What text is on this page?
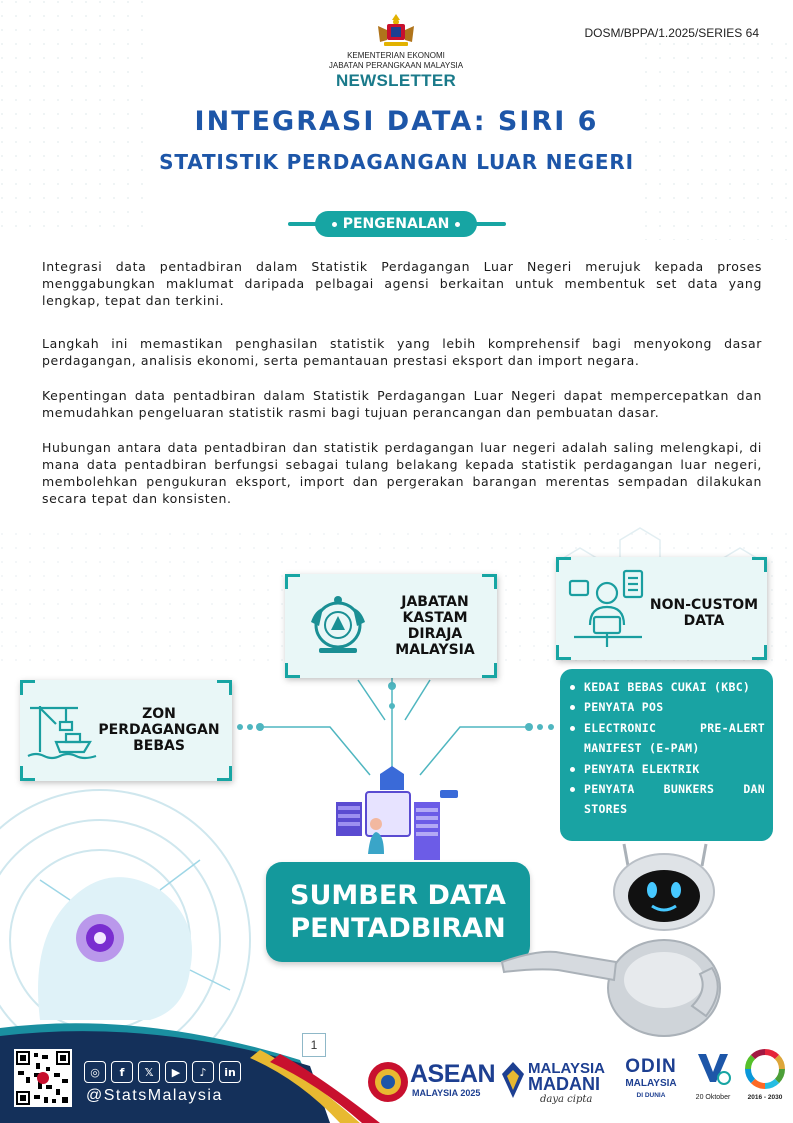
DOSM/BPPA/1.2025/SERIES 64
KEMENTERIAN EKONOMI
JABATAN PERANGKAAN MALAYSIA
NEWSLETTER
INTEGRASI DATA: SIRI 6
STATISTIK PERDAGANGAN LUAR NEGERI
PENGENALAN

Integrasi data pentadbiran dalam Statistik Perdagangan Luar Negeri merujuk kepada proses menggabungkan maklumat daripada pelbagai agensi berkaitan untuk membentuk set data yang lengkap, tepat dan terkini.

Langkah ini memastikan penghasilan statistik yang lebih komprehensif bagi menyokong dasar perdagangan, analisis ekonomi, serta pemantauan prestasi eksport dan import negara.

Kepentingan data pentadbiran dalam Statistik Perdagangan Luar Negeri dapat mempercepatkan dan memudahkan pengeluaran statistik rasmi bagi tujuan perancangan dan pembuatan dasar.

Hubungan antara data pentadbiran dan statistik perdagangan luar negeri adalah saling melengkapi, di mana data pentadbiran berfungsi sebagai tulang belakang kepada statistik perdagangan luar negeri, membolehkan pengukuran eksport, import dan pergerakan barangan merentas sempadan dilakukan secara tepat dan konsisten.

JABATAN
KASTAM
DIRAJA
MALAYSIA
NON-CUSTOM
DATA
ZON
PERDAGANGAN
BEBAS
KEDAI BEBAS CUKAI (KBC)
PENYATA POS
ELECTRONIC PRE-ALERT MANIFEST (E-PAM)
PENYATA ELEKTRIK
PENYATA BUNKERS DAN STORES
SUMBER DATA
PENTADBIRAN
1
◎	f	𝕏	▶	♪	in
@StatsMalaysia
ASEAN
MALAYSIA 2025
MALAYSIA
MADANI
daya cipta
ODIN
MALAYSIA
DI DUNIA	20 Oktober	2016 - 2030
